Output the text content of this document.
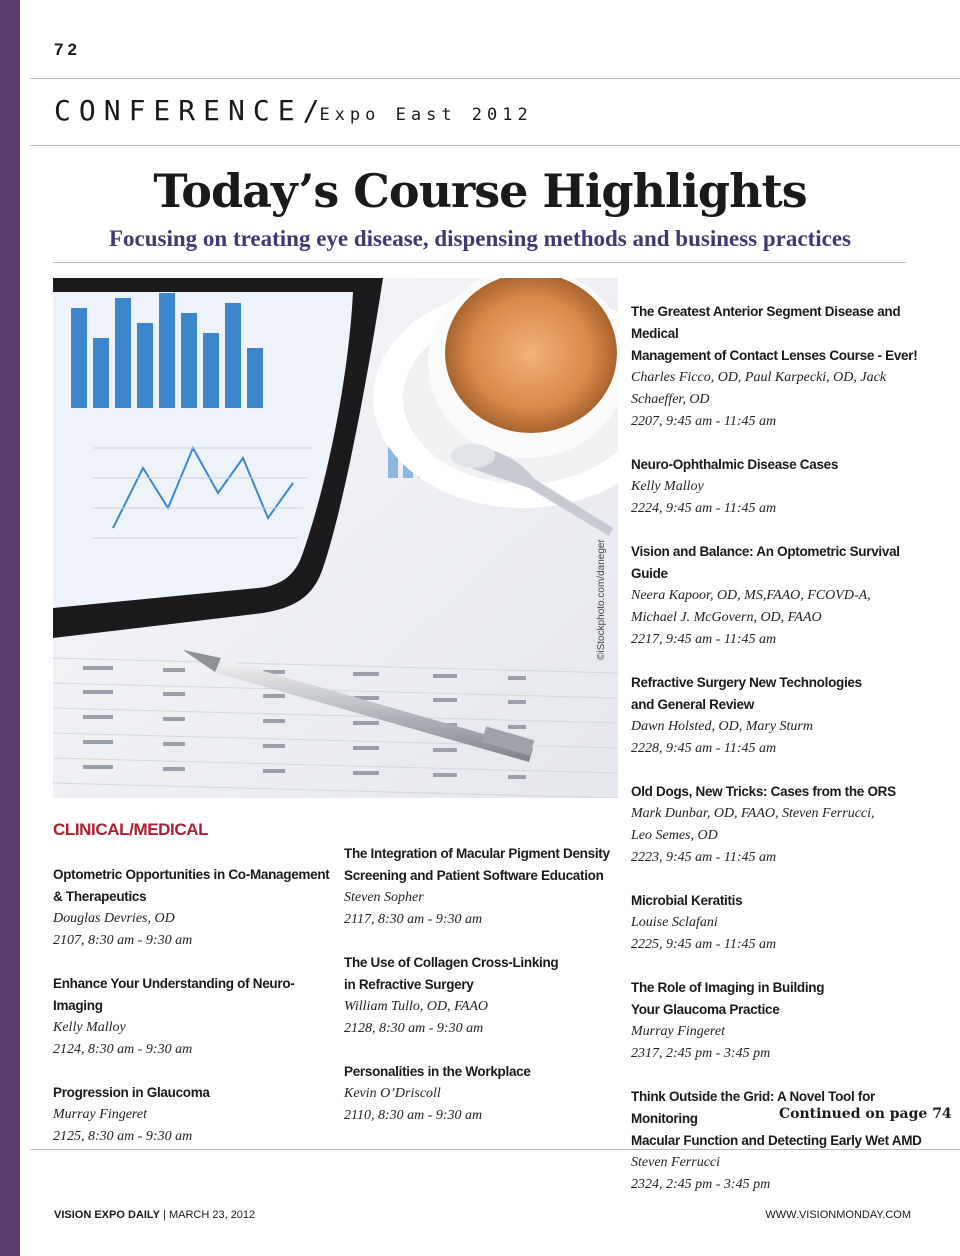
72
CONFERENCE/Expo East 2012
Today’s Course Highlights
Focusing on treating eye disease, dispensing methods and business practices
©iStockphoto.com/daneger
The Greatest Anterior Segment Disease and Medical
Management of Contact Lenses Course - Ever!
Charles Ficco, OD, Paul Karpecki, OD, Jack Schaeffer, OD
2207, 9:45 am - 11:45 am
Neuro-Ophthalmic Disease Cases
Kelly Malloy
2224, 9:45 am - 11:45 am
Vision and Balance: An Optometric Survival Guide
Neera Kapoor, OD, MS,FAAO, FCOVD-A,
Michael J. McGovern, OD, FAAO
2217, 9:45 am - 11:45 am
Refractive Surgery New Technologies
and General Review
Dawn Holsted, OD, Mary Sturm
2228, 9:45 am - 11:45 am
Old Dogs, New Tricks: Cases from the ORS
Mark Dunbar, OD, FAAO, Steven Ferrucci,
Leo Semes, OD
2223, 9:45 am - 11:45 am
Microbial Keratitis
Louise Sclafani
2225, 9:45 am - 11:45 am
The Role of Imaging in Building
Your Glaucoma Practice
Murray Fingeret
2317, 2:45 pm - 3:45 pm
Think Outside the Grid: A Novel Tool for Monitoring
Macular Function and Detecting Early Wet AMD
Steven Ferrucci
2324, 2:45 pm - 3:45 pm
CLINICAL/MEDICAL
Optometric Opportunities in Co-Management
& Therapeutics
Douglas Devries, OD
2107, 8:30 am - 9:30 am
Enhance Your Understanding of Neuro-Imaging
Kelly Malloy
2124, 8:30 am - 9:30 am
Progression in Glaucoma
Murray Fingeret
2125, 8:30 am - 9:30 am
The Integration of Macular Pigment Density
Screening and Patient Software Education
Steven Sopher
2117, 8:30 am - 9:30 am
The Use of Collagen Cross-Linking
in Refractive Surgery
William Tullo, OD, FAAO
2128, 8:30 am - 9:30 am
Personalities in the Workplace
Kevin O’Driscoll
2110, 8:30 am - 9:30 am	Continued on page 74
VISION EXPO DAILY | MARCH 23, 2012	WWW.VISIONMONDAY.COM
